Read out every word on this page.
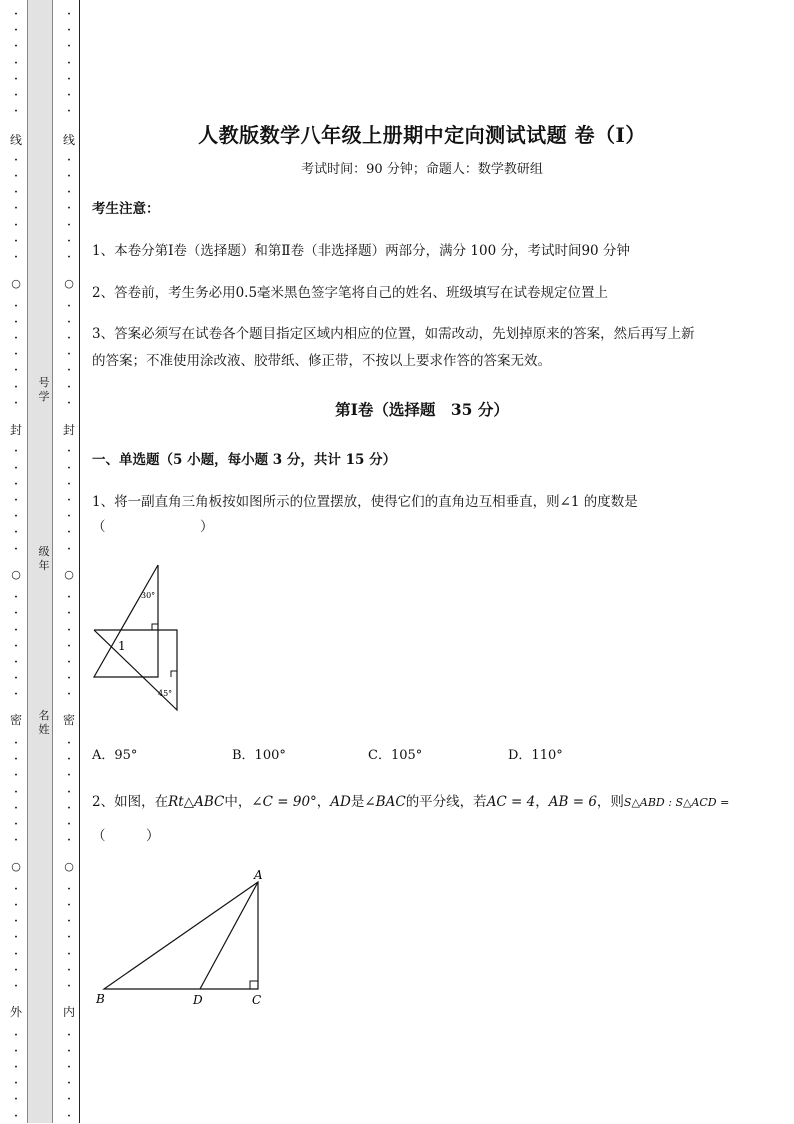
·
·
·
·
·
·
·
·
·
·
·
·
·
·
·
·
·
·
·
·
·
·
·
·
·
·
·
·
·
·
·
·
·
·
·
·
·
·
·
·
·
·
·
·
·
·
·
·
·
·
·
·
·
·
·
线
○
封
○
密
○
外
·
·
·
·
·
·
·
·
·
·
·
·
·
·
·
·
·
·
·
·
·
·
·
·
·
·
·
·
·
·
·
·
·
·
·
·
·
·
·
·
·
·
·
·
·
·
·
·
·
·
·
·
·
·
·
线
○
封
○
密
○
内
号
学
级
年
名
姓
人教版数学八年级上册期中定向测试试题 卷（Ⅰ）
考试时间：90 分钟；命题人：数学教研组
考生注意：
1、本卷分第Ⅰ卷（选择题）和第Ⅱ卷（非选择题）两部分，满分 100 分，考试时间90 分钟
2、答卷前，考生务必用0.5毫米黑色签字笔将自己的姓名、班级填写在试卷规定位置上
3、答案必须写在试卷各个题目指定区域内相应的位置，如需改动，先划掉原来的答案，然后再写上新
的答案；不准使用涂改液、胶带纸、修正带，不按以上要求作答的答案无效。
第Ⅰ卷（选择题　35 分）
一、单选题（5 小题，每小题 3 分，共计 15 分）
1、将一副直角三角板按如图所示的位置摆放，使得它们的直角边互相垂直，则∠1 的度数是
（　　　　　　　）
30°
45°
1
A．95°	B．100°	C．105°	D．110°
2、如图，在Rt△ABC中，∠C = 90°，AD是∠BAC的平分线，若AC = 4，AB = 6，则S△ABD : S△ACD =
（　　　）
A
B	D	C
